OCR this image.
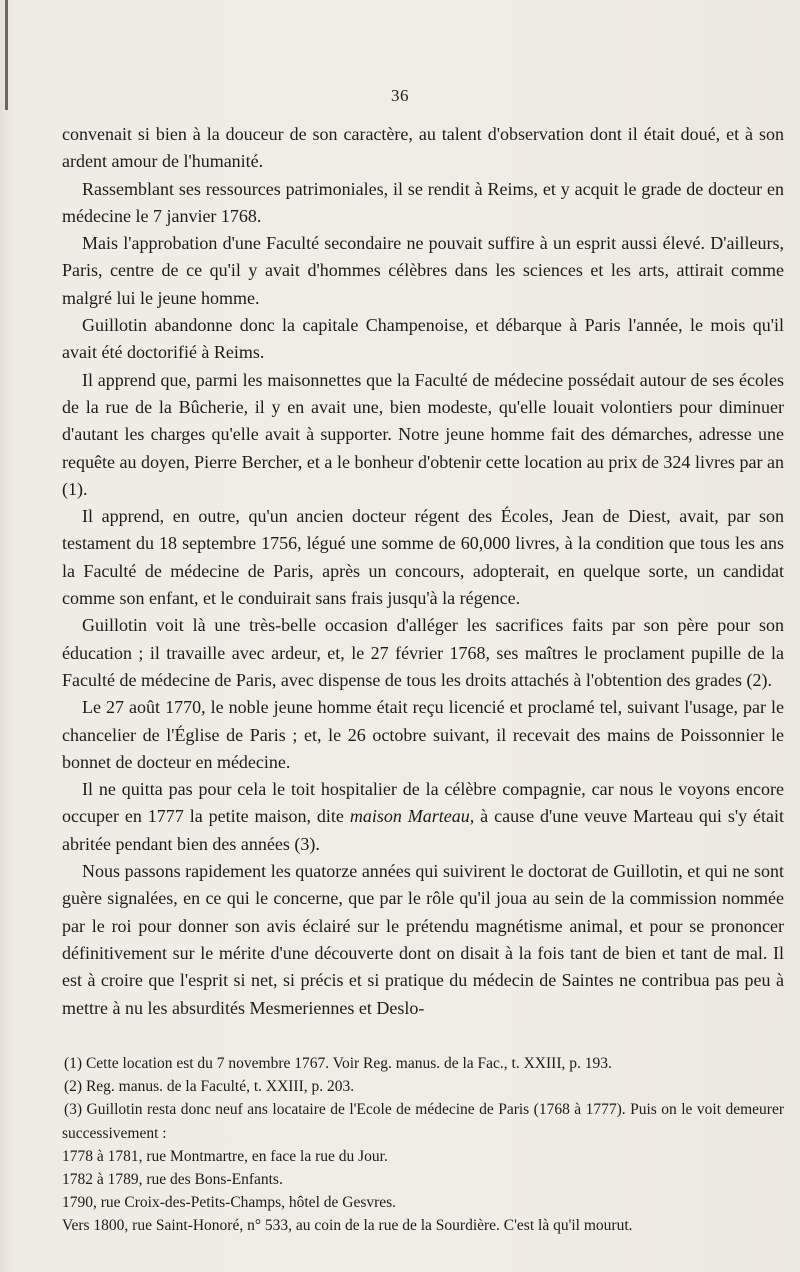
36

convenait si bien à la douceur de son caractère, au talent d'observation dont il était doué, et à son ardent amour de l'humanité.

Rassemblant ses ressources patrimoniales, il se rendit à Reims, et y acquit le grade de docteur en médecine le 7 janvier 1768.

Mais l'approbation d'une Faculté secondaire ne pouvait suffire à un esprit aussi élevé. D'ailleurs, Paris, centre de ce qu'il y avait d'hommes célèbres dans les sciences et les arts, attirait comme malgré lui le jeune homme.

Guillotin abandonne donc la capitale Champenoise, et débarque à Paris l'année, le mois qu'il avait été doctorifié à Reims.

Il apprend que, parmi les maisonnettes que la Faculté de médecine possédait autour de ses écoles de la rue de la Bûcherie, il y en avait une, bien modeste, qu'elle louait volontiers pour diminuer d'autant les charges qu'elle avait à supporter. Notre jeune homme fait des démarches, adresse une requête au doyen, Pierre Bercher, et a le bonheur d'obtenir cette location au prix de 324 livres par an (1).

Il apprend, en outre, qu'un ancien docteur régent des Écoles, Jean de Diest, avait, par son testament du 18 septembre 1756, légué une somme de 60,000 livres, à la condition que tous les ans la Faculté de médecine de Paris, après un concours, adopterait, en quelque sorte, un candidat comme son enfant, et le conduirait sans frais jusqu'à la régence.

Guillotin voit là une très-belle occasion d'alléger les sacrifices faits par son père pour son éducation ; il travaille avec ardeur, et, le 27 février 1768, ses maîtres le proclament pupille de la Faculté de médecine de Paris, avec dispense de tous les droits attachés à l'obtention des grades (2).

Le 27 août 1770, le noble jeune homme était reçu licencié et proclamé tel, suivant l'usage, par le chancelier de l'Église de Paris ; et, le 26 octobre suivant, il recevait des mains de Poissonnier le bonnet de docteur en médecine.

Il ne quitta pas pour cela le toit hospitalier de la célèbre compagnie, car nous le voyons encore occuper en 1777 la petite maison, dite maison Marteau, à cause d'une veuve Marteau qui s'y était abritée pendant bien des années (3).

Nous passons rapidement les quatorze années qui suivirent le doctorat de Guillotin, et qui ne sont guère signalées, en ce qui le concerne, que par le rôle qu'il joua au sein de la commission nommée par le roi pour donner son avis éclairé sur le prétendu magnétisme animal, et pour se prononcer définitivement sur le mérite d'une découverte dont on disait à la fois tant de bien et tant de mal. Il est à croire que l'esprit si net, si précis et si pratique du médecin de Saintes ne contribua pas peu à mettre à nu les absurdités Mesmeriennes et Deslo-

(1) Cette location est du 7 novembre 1767. Voir Reg. manus. de la Fac., t. XXIII, p. 193.

(2) Reg. manus. de la Faculté, t. XXIII, p. 203.

(3) Guillotin resta donc neuf ans locataire de l'Ecole de médecine de Paris (1768 à 1777). Puis on le voit demeurer successivement :

1778 à 1781, rue Montmartre, en face la rue du Jour.

1782 à 1789, rue des Bons-Enfants.

1790, rue Croix-des-Petits-Champs, hôtel de Gesvres.

Vers 1800, rue Saint-Honoré, n° 533, au coin de la rue de la Sourdière. C'est là qu'il mourut.
